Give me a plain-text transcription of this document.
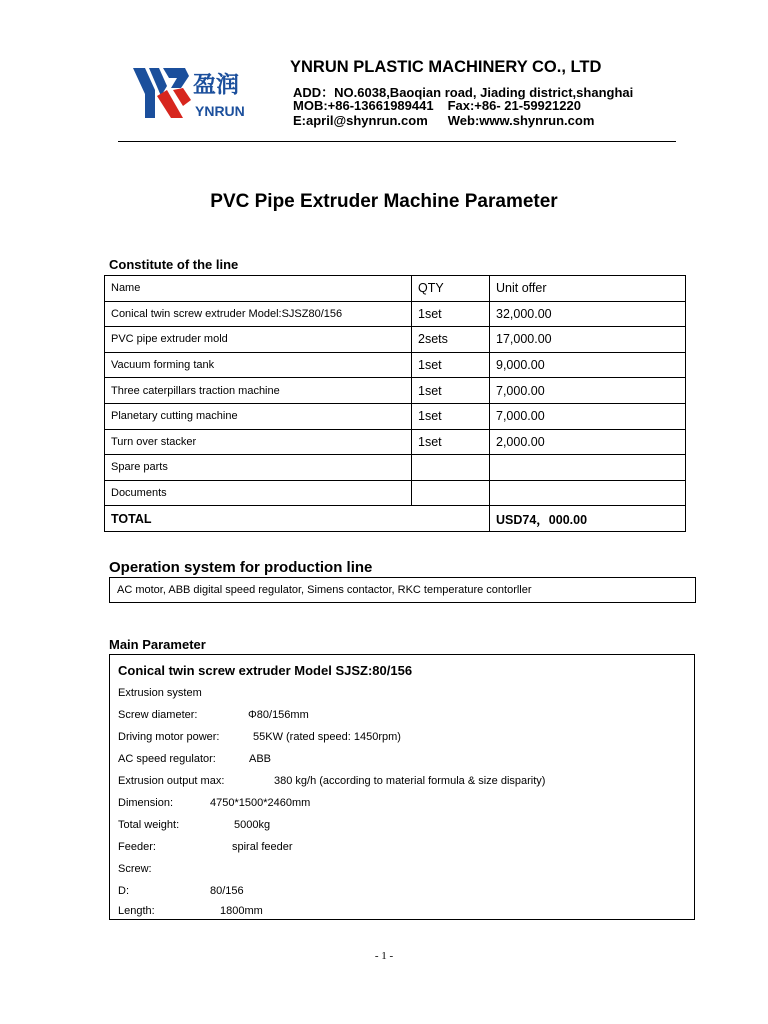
盈润
YNRUN
YNRUN PLASTIC MACHINERY CO., LTD
ADD：NO.6038,Baoqian road, Jiading district,shanghai
MOB:+86-13661989441 Fax:+86- 21-59921220
E:april@shynrun.com Web:www.shynrun.com
PVC Pipe Extruder Machine Parameter
Constitute of the line
Name	QTY	Unit offer
Conical twin screw extruder Model:SJSZ80/156	1set	32,000.00
PVC pipe extruder mold	2sets	17,000.00
Vacuum forming tank	1set	9,000.00
Three caterpillars traction machine	1set	7,000.00
Planetary cutting machine	1set	7,000.00
Turn over stacker	1set	2,000.00
Spare parts		
Documents		
TOTAL		USD74，000.00
Operation system for production line
AC motor, ABB digital speed regulator, Simens contactor, RKC temperature contorller
Main Parameter
Conical twin screw extruder Model SJSZ:80/156
Extrusion system
Screw diameter:	Φ80/156mm
Driving motor power:	55KW (rated speed: 1450rpm)
AC speed regulator:	ABB
Extrusion output max:	380 kg/h (according to material formula & size disparity)
Dimension:	4750*1500*2460mm
Total weight:	5000kg
Feeder:	spiral feeder
Screw:
D:	80/156
Length:	1800mm
- 1 -
